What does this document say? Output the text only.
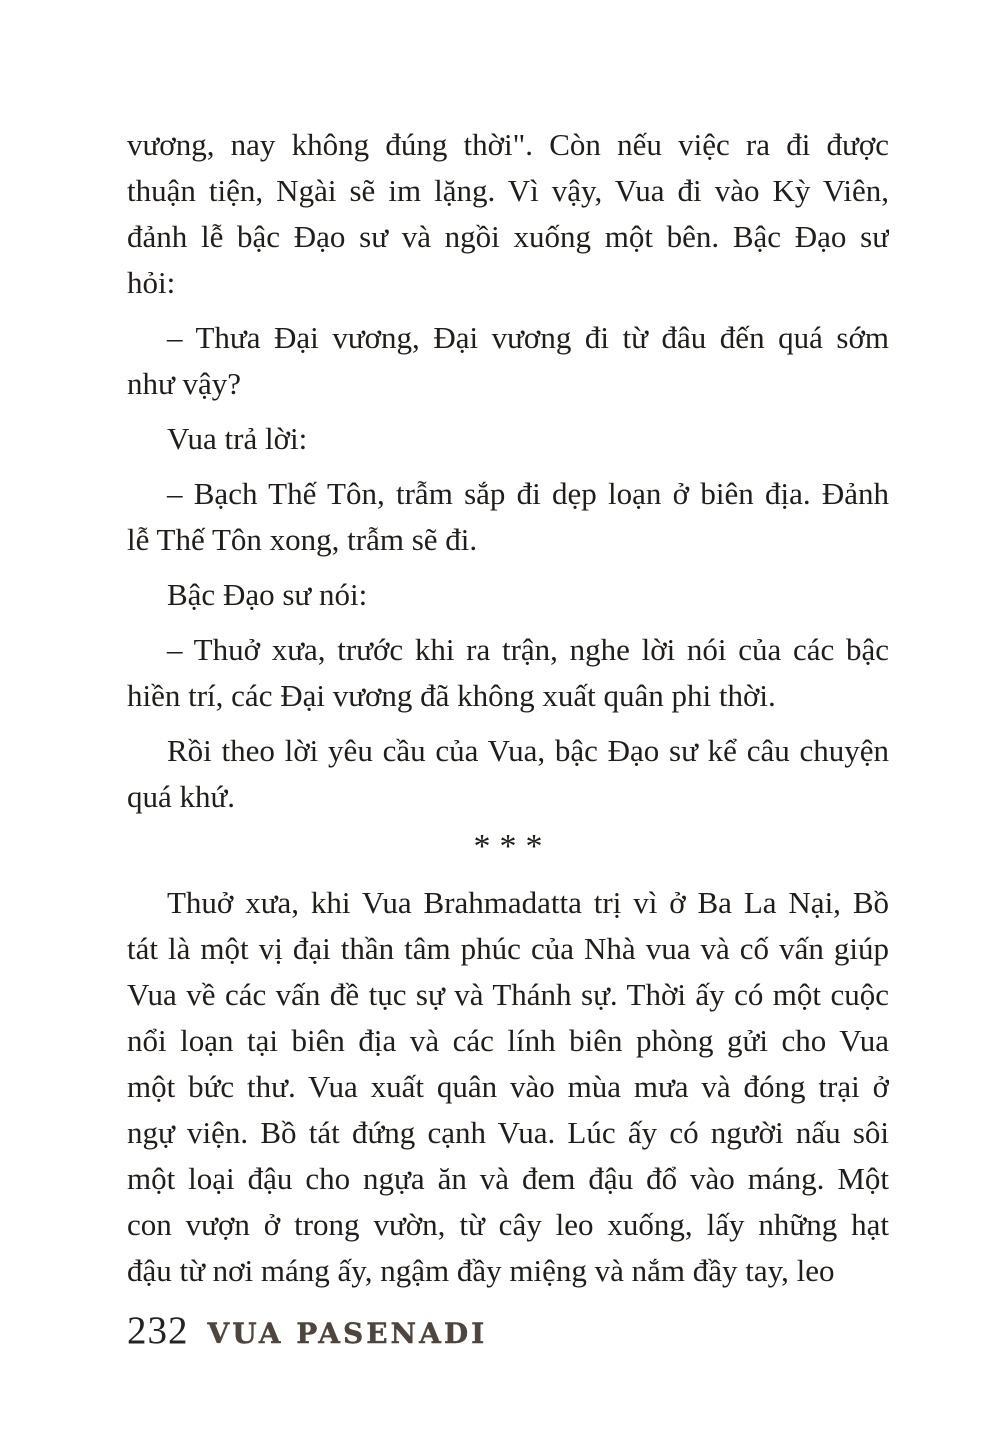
vương, nay không đúng thời". Còn nếu việc ra đi được
thuận tiện, Ngài sẽ im lặng. Vì vậy, Vua đi vào Kỳ Viên,
đảnh lễ bậc Đạo sư và ngồi xuống một bên. Bậc Đạo sư
hỏi:

– Thưa Đại vương, Đại vương đi từ đâu đến quá sớm
như vậy?

Vua trả lời:

– Bạch Thế Tôn, trẫm sắp đi dẹp loạn ở biên địa. Đảnh
lễ Thế Tôn xong, trẫm sẽ đi.

Bậc Đạo sư nói:

– Thuở xưa, trước khi ra trận, nghe lời nói của các bậc
hiền trí, các Đại vương đã không xuất quân phi thời.

Rồi theo lời yêu cầu của Vua, bậc Đạo sư kể câu chuyện
quá khứ.

***

Thuở xưa, khi Vua Brahmadatta trị vì ở Ba La Nại, Bồ
tát là một vị đại thần tâm phúc của Nhà vua và cố vấn giúp
Vua về các vấn đề tục sự và Thánh sự. Thời ấy có một cuộc
nổi loạn tại biên địa và các lính biên phòng gửi cho Vua
một bức thư. Vua xuất quân vào mùa mưa và đóng trại ở
ngự viện. Bồ tát đứng cạnh Vua. Lúc ấy có người nấu sôi
một loại đậu cho ngựa ăn và đem đậu đổ vào máng. Một
con vượn ở trong vườn, từ cây leo xuống, lấy những hạt
đậu từ nơi máng ấy, ngậm đầy miệng và nắm đầy tay, leo

232 VUA PASENADI
